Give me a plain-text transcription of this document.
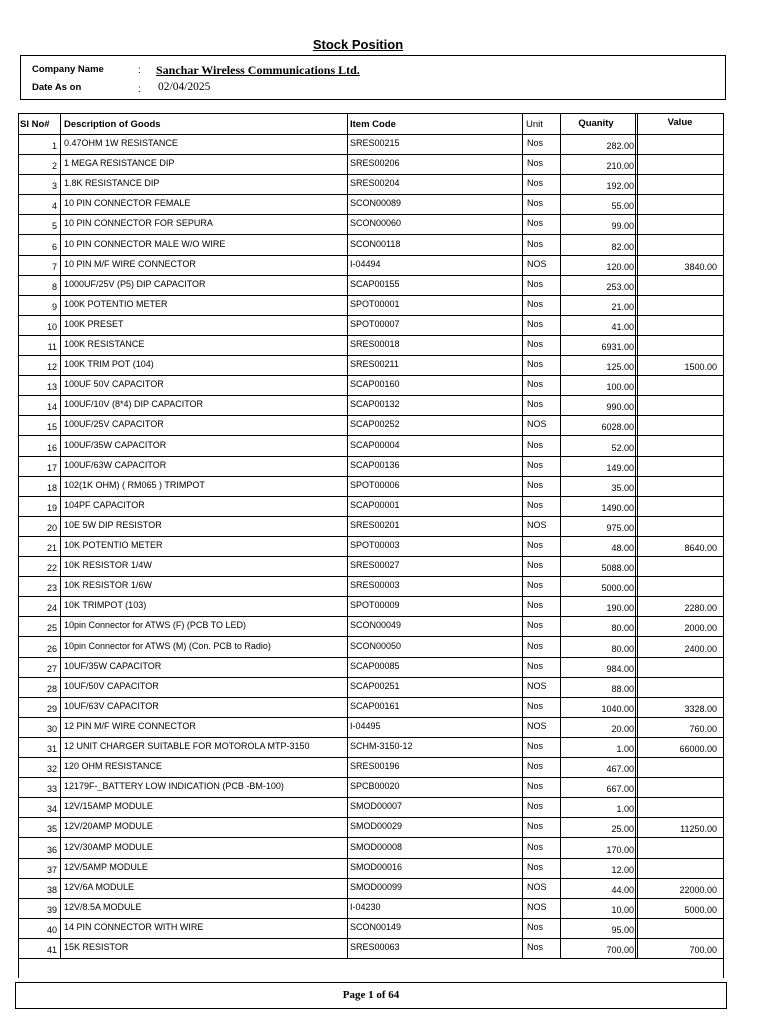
Stock Position
Company Name	: Sanchar Wireless Communications Ltd.
Date As on	: 02/04/2025
Sl No#	Description of Goods	Item Code	Unit	Quanity	Value
1 0.47OHM 1W RESISTANCE	SRES00215	Nos	282.00
2 1 MEGA RESISTANCE DIP	SRES00206	Nos	210.00
3 1.8K RESISTANCE DIP	SRES00204	Nos	192.00
4 10 PIN CONNECTOR FEMALE	SCON00089	Nos	55.00
5 10 PIN CONNECTOR FOR SEPURA	SCON00060	Nos	99.00
6 10 PIN CONNECTOR MALE W/O WIRE	SCON00118	Nos	82.00
7 10 PIN M/F WIRE CONNECTOR	I-04494	NOS	120.00	3840.00
8 1000UF/25V (P5) DIP CAPACITOR	SCAP00155	Nos	253.00
9 100K POTENTIO METER	SPOT00001	Nos	21.00
10 100K PRESET	SPOT00007	Nos	41.00
11 100K RESISTANCE	SRES00018	Nos	6931.00
12 100K TRIM POT (104)	SRES00211	Nos	125.00	1500.00
13 100UF 50V CAPACITOR	SCAP00160	Nos	100.00
14 100UF/10V (8*4) DIP CAPACITOR	SCAP00132	Nos	990.00
15 100UF/25V CAPACITOR	SCAP00252	NOS	6028.00
16 100UF/35W CAPACITOR	SCAP00004	Nos	52.00
17 100UF/63W CAPACITOR	SCAP00136	Nos	149.00
18 102(1K OHM) ( RM065 ) TRIMPOT	SPOT00006	Nos	35.00
19 104PF CAPACITOR	SCAP00001	Nos	1490.00
20 10E 5W DIP RESISTOR	SRES00201	NOS	975.00
21 10K POTENTIO METER	SPOT00003	Nos	48.00	8640.00
22 10K RESISTOR 1/4W	SRES00027	Nos	5088.00
23 10K RESISTOR 1/6W	SRES00003	Nos	5000.00
24 10K TRIMPOT (103)	SPOT00009	Nos	190.00	2280.00
25 10pin Connector for ATWS (F) (PCB TO LED)	SCON00049	Nos	80.00	2000.00
26 10pin Connector for ATWS (M) (Con. PCB to Radio)	SCON00050	Nos	80.00	2400.00
27 10UF/35W CAPACITOR	SCAP00085	Nos	984.00
28 10UF/50V CAPACITOR	SCAP00251	NOS	88.00
29 10UF/63V CAPACITOR	SCAP00161	Nos	1040.00	3328.00
30 12 PIN M/F WIRE CONNECTOR	I-04495	NOS	20.00	760.00
31 12 UNIT CHARGER SUITABLE FOR MOTOROLA MTP-3150	SCHM-3150-12	Nos	1.00	66000.00
32 120 OHM RESISTANCE	SRES00196	Nos	467.00
33 12179F-_BATTERY LOW INDICATION (PCB -BM-100)	SPCB00020	Nos	667.00
34 12V/15AMP MODULE	SMOD00007	Nos	1.00
35 12V/20AMP MODULE	SMOD00029	Nos	25.00	11250.00
36 12V/30AMP MODULE	SMOD00008	Nos	170.00
37 12V/5AMP MODULE	SMOD00016	Nos	12.00
38 12V/6A MODULE	SMOD00099	NOS	44.00	22000.00
39 12V/8.5A MODULE	I-04230	NOS	10.00	5000.00
40 14 PIN CONNECTOR WITH WIRE	SCON00149	Nos	95.00
41 15K RESISTOR	SRES00063	Nos	700.00	700.00
Page 1 of 64
